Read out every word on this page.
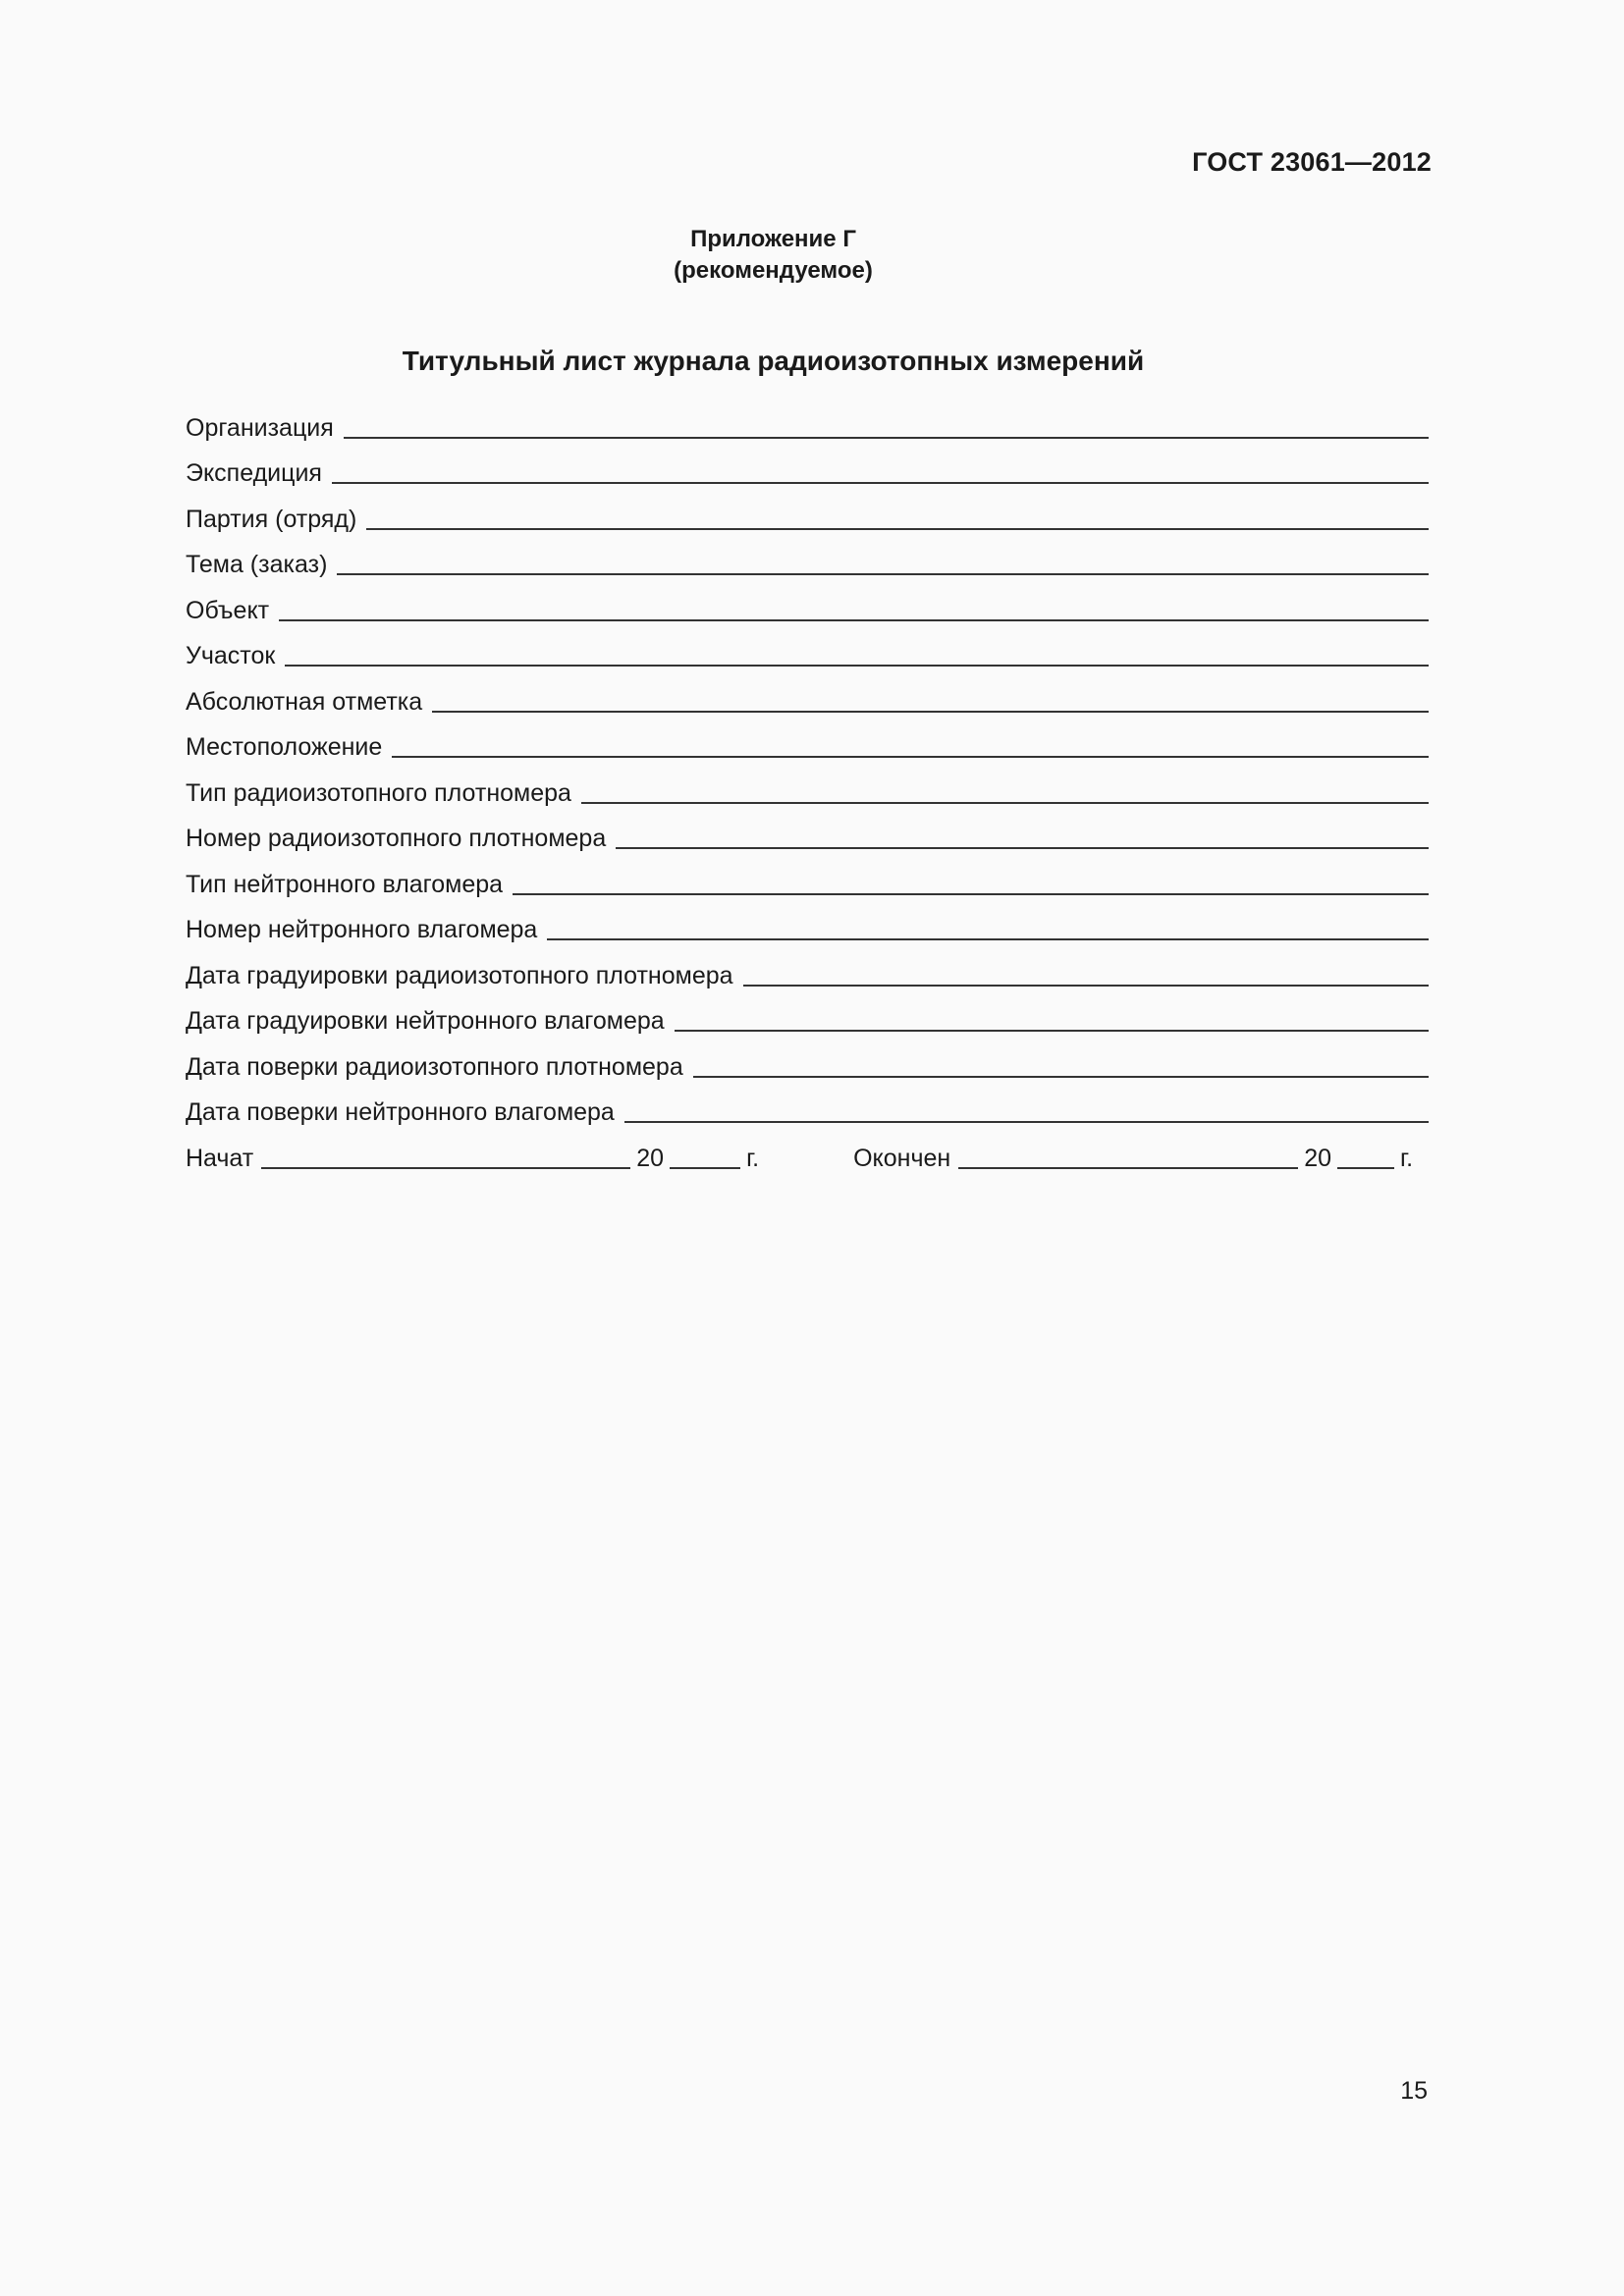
ГОСТ 23061—2012
Приложение Г
(рекомендуемое)
Титульный лист журнала радиоизотопных измерений
Организация
Экспедиция
Партия (отряд)
Тема (заказ)
Объект
Участок
Абсолютная отметка
Местоположение
Тип радиоизотопного плотномера
Номер радиоизотопного плотномера
Тип нейтронного влагомера
Номер нейтронного влагомера
Дата градуировки радиоизотопного плотномера
Дата градуировки нейтронного влагомера
Дата поверки радиоизотопного плотномера
Дата поверки нейтронного влагомера
Начат	20	г.	Окончен	20	г.
15
